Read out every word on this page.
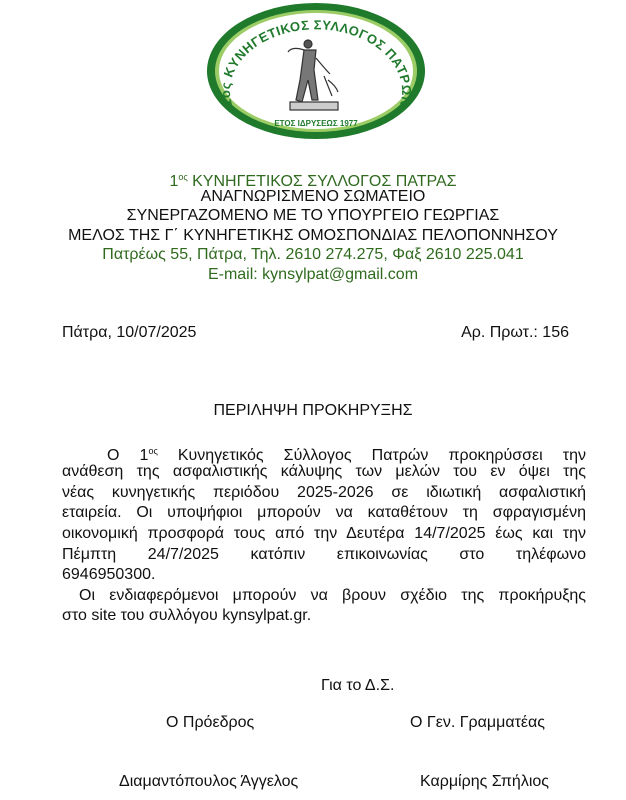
1ος ΚΥΝΗΓΕΤΙΚΟΣ ΣΥΛΛΟΓΟΣ ΠΑΤΡΩΝ
ΕΤΟΣ ΙΔΡΥΣΕΩΣ 1977
$1^{o\varsigma}$ ΚΥΝΗΓΕΤΙΚΟΣ ΣΥΛΛΟΓΟΣ ΠΑΤΡΑΣ
ΑΝΑΓΝΩΡΙΣΜΕΝΟ ΣΩΜΑΤΕΙΟ
ΣΥΝΕΡΓΑΖΟΜΕΝΟ ΜΕ ΤΟ ΥΠΟΥΡΓΕΙΟ ΓΕΩΡΓΙΑΣ
ΜΕΛΟΣ ΤΗΣ Γ΄ ΚΥΝΗΓΕΤΙΚΗΣ ΟΜΟΣΠΟΝΔΙΑΣ ΠΕΛΟΠΟΝΝΗΣΟΥ
Πατρέως 55, Πάτρα, Τηλ. 2610 274.275, Φαξ 2610 225.041
E-mail: kynsylpat@gmail.com
Πάτρα, 10/07/2025	Αρ. Πρωτ.: 156
ΠΕΡΙΛΗΨΗ ΠΡΟΚΗΡΥΞΗΣ
Ο $1^{o\varsigma}$ Κυνηγετικός Σύλλογος Πατρών προκηρύσσει την
ανάθεση της ασφαλιστικής κάλυψης των μελών του εν όψει της
νέας κυνηγετικής περιόδου 2025-2026 σε ιδιωτική ασφαλιστική
εταιρεία. Οι υποψήφιοι μπορούν να καταθέτουν τη σφραγισμένη
οικονομική προσφορά τους από την Δευτέρα 14/7/2025 έως και την
Πέμπτη 24/7/2025 κατόπιν επικοινωνίας στο τηλέφωνο
6946950300.
Οι ενδιαφερόμενοι μπορούν να βρουν σχέδιο της προκήρυξης
στο site του συλλόγου kynsylpat.gr.
Για το Δ.Σ.
Ο Πρόεδρος	Ο Γεν. Γραμματέας
Διαμαντόπουλος Άγγελος	Καρμίρης Σπήλιος
